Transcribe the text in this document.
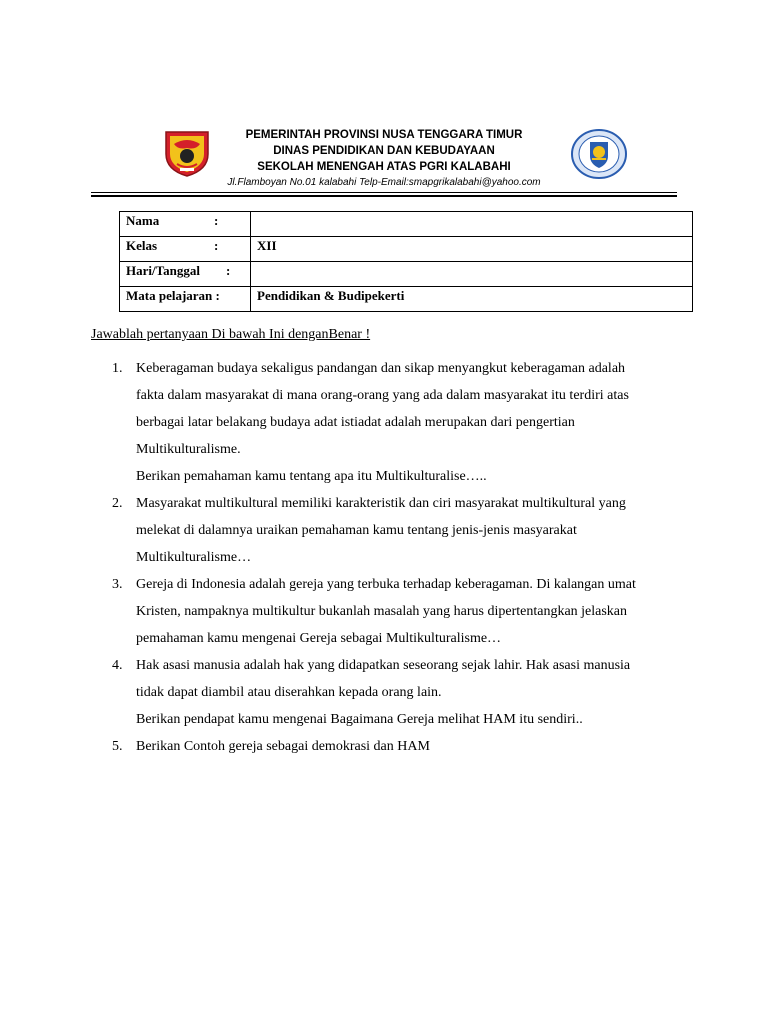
PEMERINTAH PROVINSI NUSA TENGGARA TIMUR
DINAS PENDIDIKAN DAN KEBUDAYAAN
SEKOLAH MENENGAH ATAS PGRI KALABAHI
Jl.Flamboyan No.01 kalabahi Telp-Email:smapgrikalabahi@yahoo.com
Nama :	

Kelas :	XII

Hari/Tanggal :	

Mata pelajaran :	Pendidikan & Budipekerti
Jawablah pertanyaan Di bawah Ini denganBenar !
1. Keberagaman budaya sekaligus pandangan dan sikap menyangkut keberagaman adalah
fakta dalam masyarakat di mana orang-orang yang ada dalam masyarakat itu terdiri atas
berbagai latar belakang budaya adat istiadat adalah merupakan dari pengertian
Multikulturalisme.
Berikan pemahaman kamu tentang apa itu Multikulturalise…..
2. Masyarakat multikultural memiliki karakteristik dan ciri masyarakat multikultural yang
melekat di dalamnya uraikan pemahaman kamu tentang jenis-jenis masyarakat
Multikulturalisme…
3. Gereja di Indonesia adalah gereja yang terbuka terhadap keberagaman. Di kalangan umat
Kristen, nampaknya multikultur bukanlah masalah yang harus dipertentangkan jelaskan
pemahaman kamu mengenai Gereja sebagai Multikulturalisme…
4. Hak asasi manusia adalah hak yang didapatkan seseorang sejak lahir. Hak asasi manusia
tidak dapat diambil atau diserahkan kepada orang lain.
Berikan pendapat kamu mengenai Bagaimana Gereja melihat HAM itu sendiri..
5. Berikan Contoh gereja sebagai demokrasi dan HAM
